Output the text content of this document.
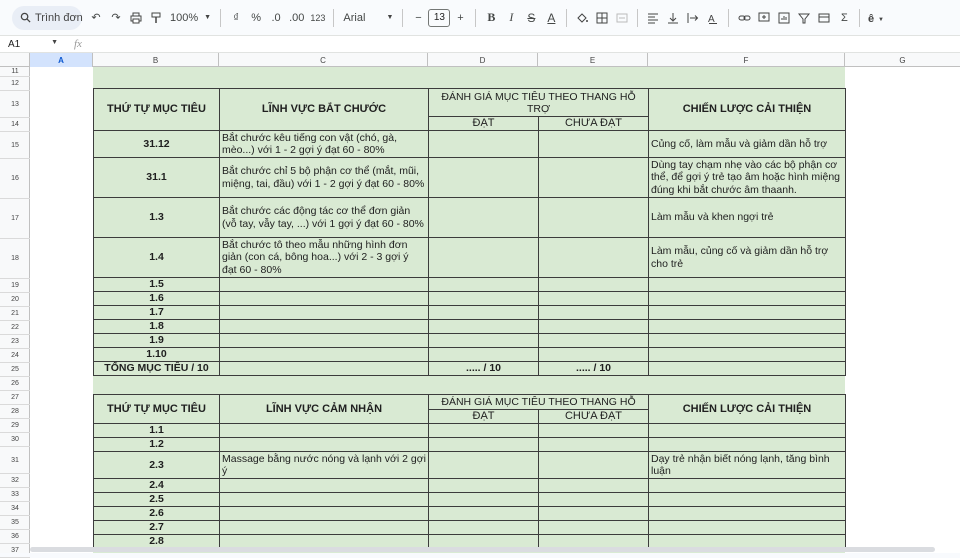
Trình đơn ↶ ↷	100% ▼	₫	% .0 .00 123 Arial	▼	−	13	+	B	I	S A	A	Σ	ê ▼
A1	▼ fx
A	B	C	D	E	F	G
11
12
13
14
15
16
17
18
19
20
21
22
23
24
25
26
27
28
29
30
31
32
33
34
35
36
37
THỨ TỰ MỤC TIÊU	LĨNH VỰC BẮT CHƯỚC	ĐÁNH GIÁ MỤC TIÊU THEO THANG HỖ TRỢ		CHIẾN LƯỢC CẢI THIỆN
		ĐẠT	CHƯA ĐẠT	
31.12	Bắt chước kêu tiếng con vật (chó, gà, mèo...) với 1 - 2 gợi ý đạt 60 - 80%			Củng cố, làm mẫu và giảm dần hỗ trợ
31.1	Bắt chước chỉ 5 bộ phận cơ thể (mắt, mũi, miệng, tai, đầu) với 1 - 2 gợi ý đạt 60 - 80%			Dùng tay chạm nhẹ vào các bộ phận cơ thể, để gợi ý trẻ tạo âm hoặc hình miệng đúng khi bắt chước âm thaanh.
1.3	Bắt chước các động tác cơ thể đơn giản (vỗ tay, vẫy tay, ...) với 1 gợi ý đạt 60 - 80%			Làm mẫu và khen ngợi trẻ
1.4	Bắt chước tô theo mẫu những hình đơn giản (con cá, bông hoa...) với 2 - 3 gợi ý đạt 60 - 80%			Làm mẫu, củng cố và giảm dần hỗ trợ cho trẻ
1.5				
1.6				
1.7				
1.8				
1.9				
1.10				
TỔNG MỤC TIÊU / 10		..... / 10	..... / 10	
THỨ TỰ MỤC TIÊU	LĨNH VỰC CẢM NHẬN	ĐÁNH GIÁ MỤC TIÊU THEO THANG HỖ		CHIẾN LƯỢC CẢI THIỆN
		ĐẠT	CHƯA ĐẠT	
1.1				
1.2				
2.3	Massage bằng nước nóng và lạnh với 2 gợi ý			Dạy trẻ nhận biết nóng lạnh, tăng bình luận
2.4				
2.5				
2.6				
2.7				
2.8				
